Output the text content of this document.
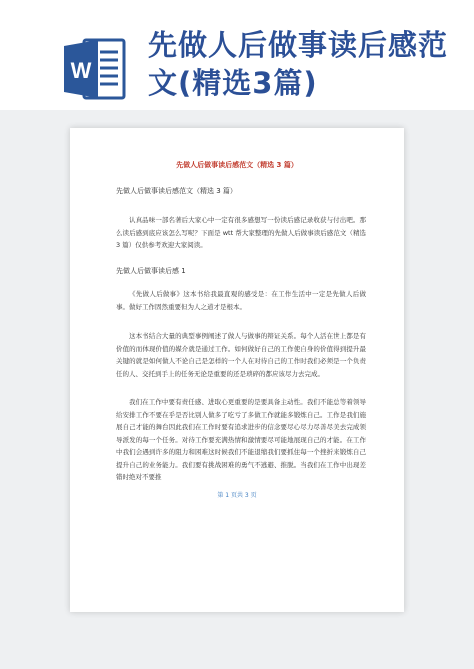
W
先做人后做事读后感范文(精选3篇)
先做人后做事读后感范文（精选 3 篇）
先做人后做事读后感范文（精选 3 篇）

认真品味一部名著后大家心中一定有很多感想写一份读后感记录收获与付出吧。那么读后感到底应该怎么写呢？下面是 wtt 帮大家整理的先做人后做事读后感范文（精选 3 篇）仅供参考欢迎大家阅读。

先做人后做事读后感 1

《先做人后做事》这本书给我最直观的感受是：在工作生活中一定是先做人后做事。做好工作固然重要但为人之道才是根本。

这本书结合大量的典型事例阐述了做人与做事的辩证关系。每个人活在世上都是有价值的而体现价值的媒介就是通过工作。如何做好自己的工作使自身的价值得到提升最关键的就是如何做人不论自己是怎样的一个人在对待自己的工作时我们必须是一个负责任的人、交托到手上的任务无论是重要的还是琐碎的都应该尽力去完成。

我们在工作中要有责任感、进取心更重要的是要具备主动性。我们不能总等着领导给安排工作不要在乎是否比别人做多了吃亏了多做工作就能多锻炼自己。工作是我们施展自己才能的舞台因此我们在工作时要有追求进步的信念要尽心尽力尽善尽美去完成领导派发的每一个任务。对待工作要充满热情和激情要尽可能地展现自己的才能。在工作中我们会遇到许多的阻力和困难这时候我们不能退缩我们要抓住每一个挫折来锻炼自己提升自己的业务能力。我们要有挑战困难的勇气不逃避、推脱。当我们在工作中出现差错时绝对不要推

第 1 页共 3 页
